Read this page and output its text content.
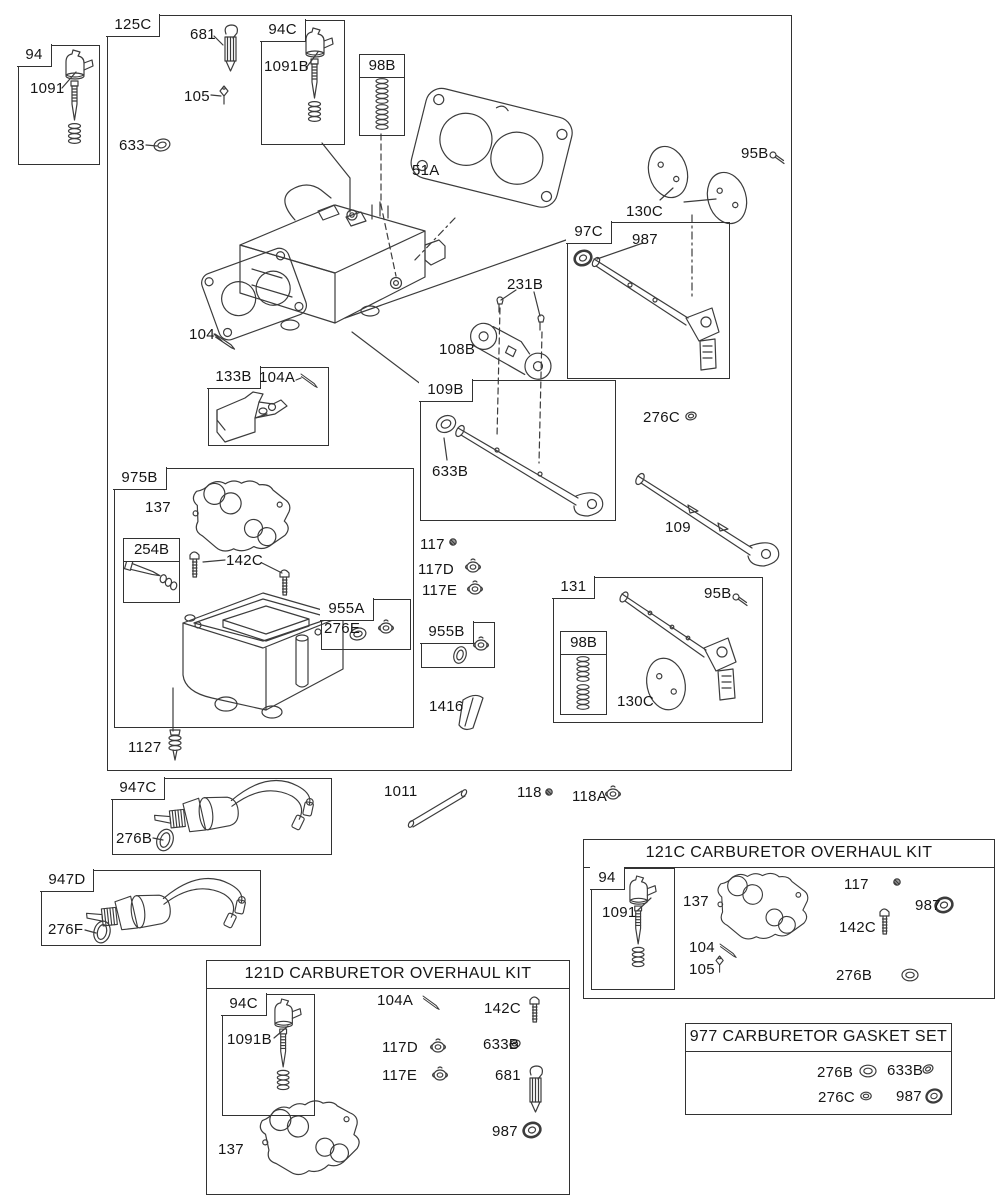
94
125C	94C
98B
97C
133B
109B
975B
254B
955A
955B
131
98B
947C
947D
121C CARBURETOR OVERHAUL KIT
94
121D CARBURETOR OVERHAUL KIT
94C
977 CARBURETOR GASKET SET
1091
681
105
633
1091B
51A
95B
130C
987
231B
108B
104
104A
633B
276C
109
117
117D
117E
137
142C
276E
95B
130C
1416
1127
276B
1011	118 118A
276F
1091
137
104
105
117
142C
987
276B
1091B
104A	142C
117D	633B
117E	681
987
137
276B 633B
276C	987
